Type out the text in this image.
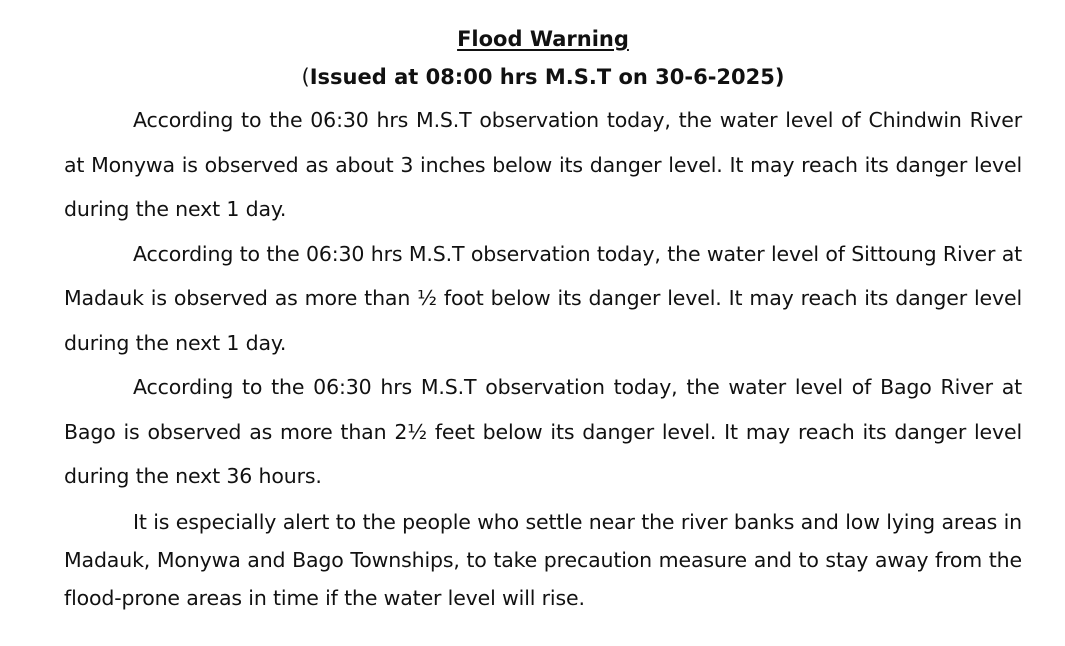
Flood Warning

(Issued at 08:00 hrs M.S.T on 30-6-2025)

According to the 06:30 hrs M.S.T observation today, the water level of Chindwin River at Monywa is observed as about 3 inches below its danger level. It may reach its danger level during the next 1 day.

According to the 06:30 hrs M.S.T observation today, the water level of Sittoung River at Madauk is observed as more than ½ foot below its danger level. It may reach its danger level during the next 1 day.

According to the 06:30 hrs M.S.T observation today, the water level of Bago River at Bago is observed as more than 2½ feet below its danger level. It may reach its danger level during the next 36 hours.

It is especially alert to the people who settle near the river banks and low lying areas in Madauk, Monywa and Bago Townships, to take precaution measure and to stay away from the flood-prone areas in time if the water level will rise.
